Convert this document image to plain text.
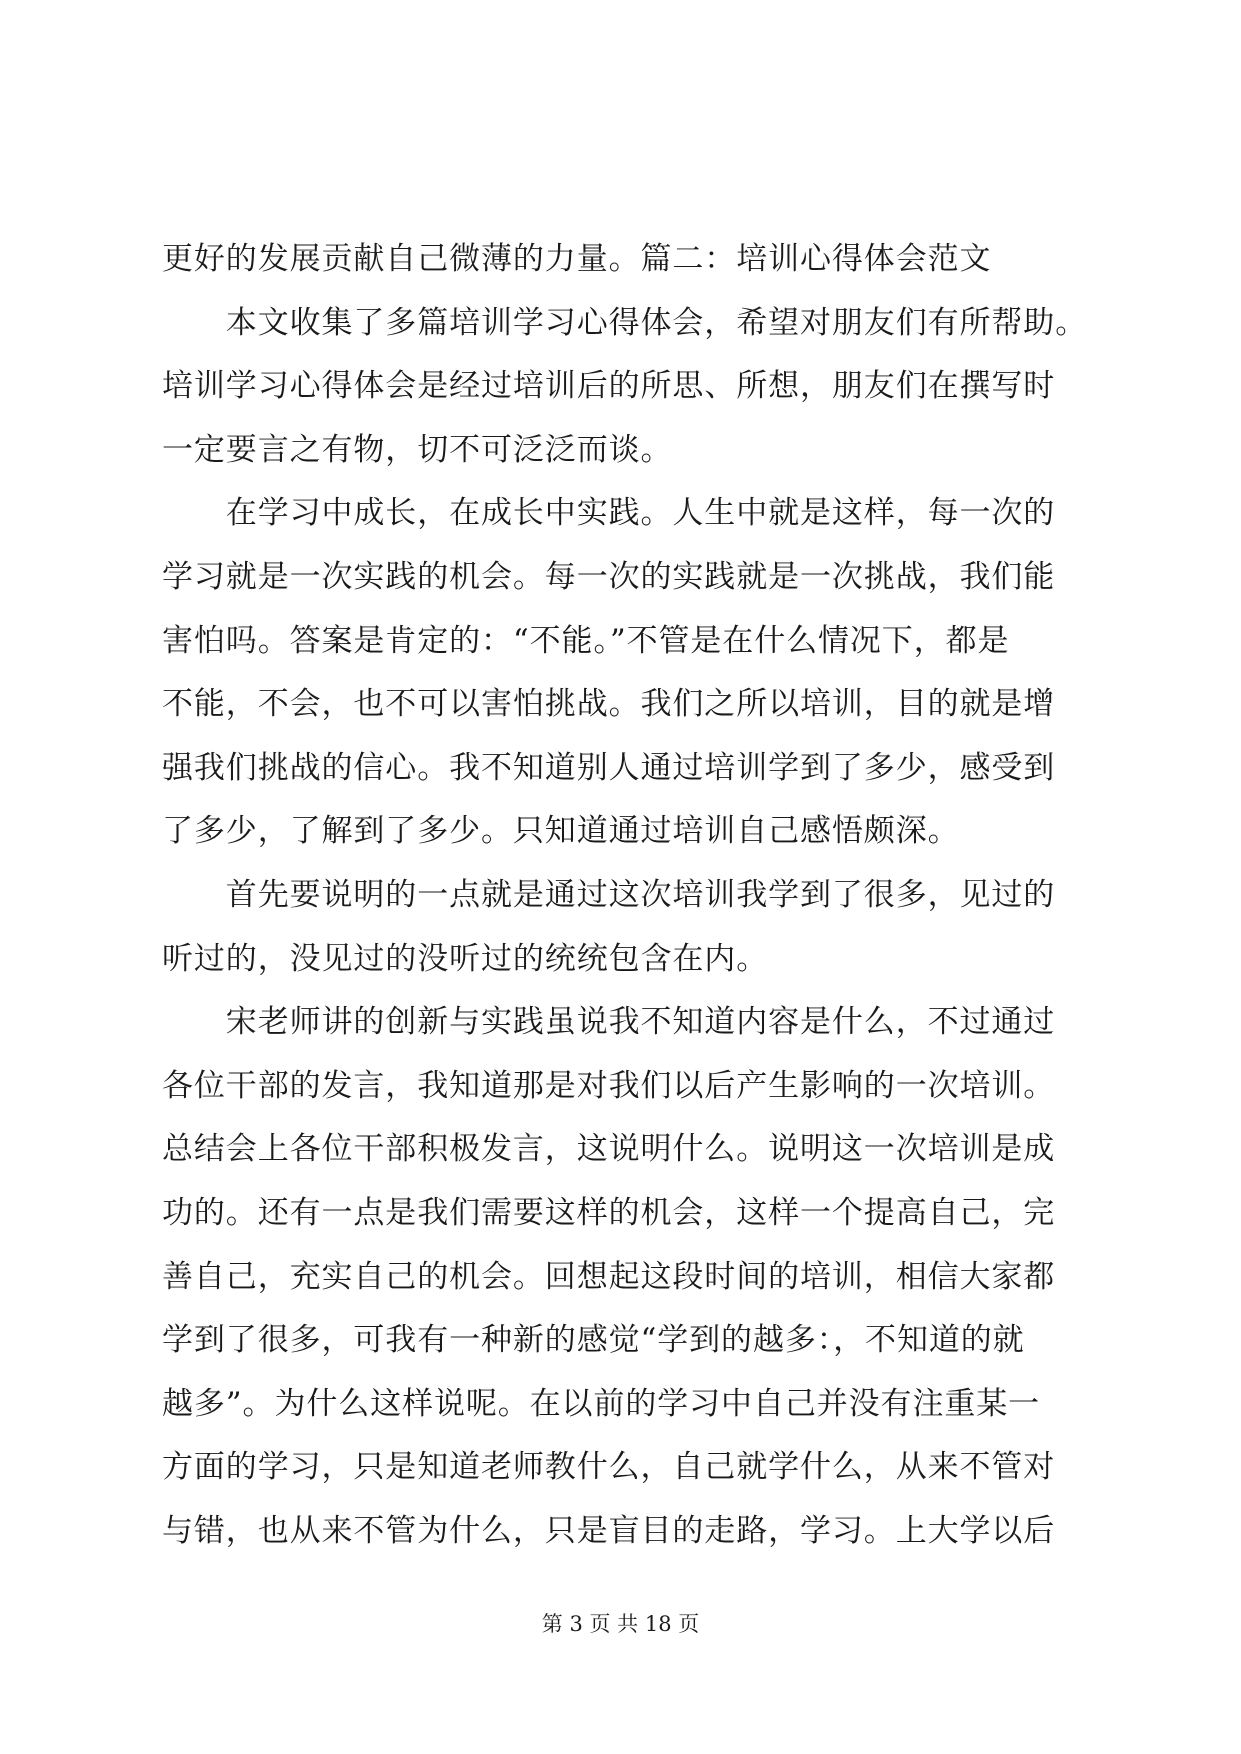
更好的发展贡献自己微薄的力量。篇二：培训心得体会范文
　　本文收集了多篇培训学习心得体会，希望对朋友们有所帮助。
培训学习心得体会是经过培训后的所思、所想，朋友们在撰写时
一定要言之有物，切不可泛泛而谈。
　　在学习中成长，在成长中实践。人生中就是这样，每一次的
学习就是一次实践的机会。每一次的实践就是一次挑战，我们能
害怕吗。答案是肯定的：“不能。”不管是在什么情况下，都是
不能，不会，也不可以害怕挑战。我们之所以培训，目的就是增
强我们挑战的信心。我不知道别人通过培训学到了多少，感受到
了多少，了解到了多少。只知道通过培训自己感悟颇深。
　　首先要说明的一点就是通过这次培训我学到了很多，见过的
听过的，没见过的没听过的统统包含在内。
　　宋老师讲的创新与实践虽说我不知道内容是什么，不过通过
各位干部的发言，我知道那是对我们以后产生影响的一次培训。
总结会上各位干部积极发言，这说明什么。说明这一次培训是成
功的。还有一点是我们需要这样的机会，这样一个提高自己，完
善自己，充实自己的机会。回想起这段时间的培训，相信大家都
学到了很多，可我有一种新的感觉“学到的越多：，不知道的就
越多”。为什么这样说呢。在以前的学习中自己并没有注重某一
方面的学习，只是知道老师教什么，自己就学什么，从来不管对
与错，也从来不管为什么，只是盲目的走路，学习。上大学以后
第 3 页 共 18 页
